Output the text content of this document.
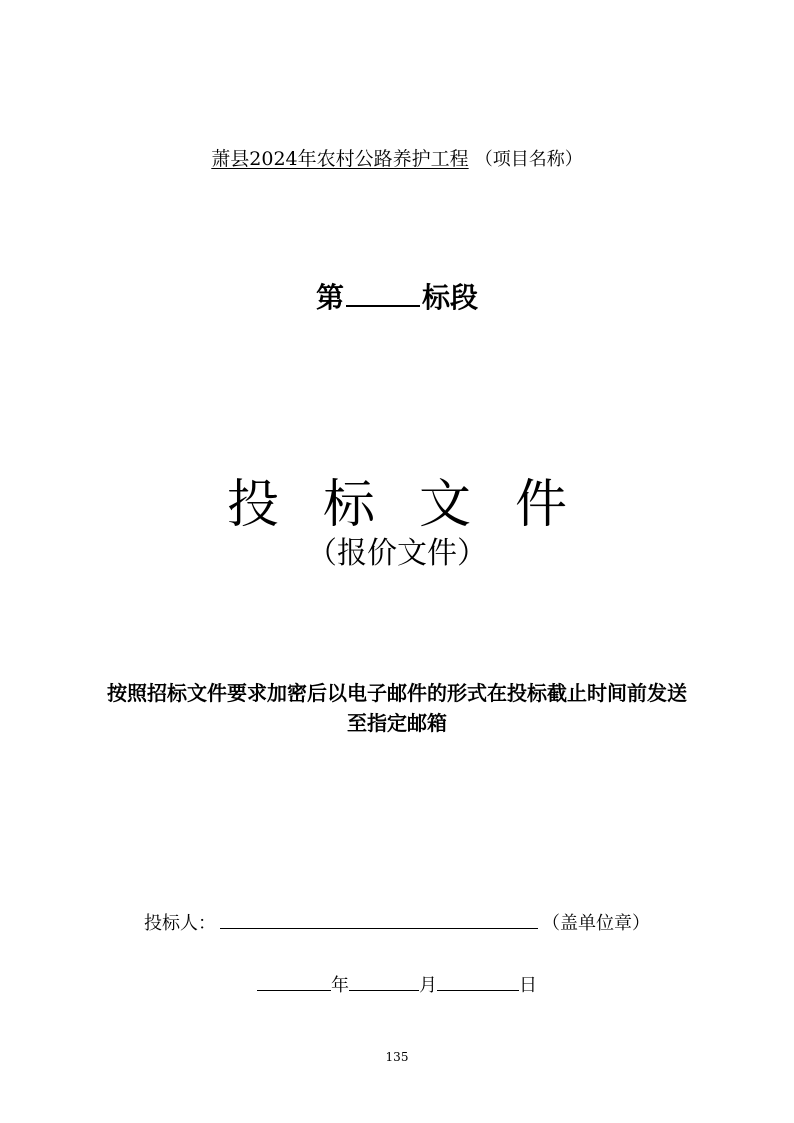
萧县2024年农村公路养护工程 （项目名称）
第	标段
投标文件
（报价文件）
按照招标文件要求加密后以电子邮件的形式在投标截止时间前发送
至指定邮箱
投标人：	（盖单位章）
年	月	日
135
